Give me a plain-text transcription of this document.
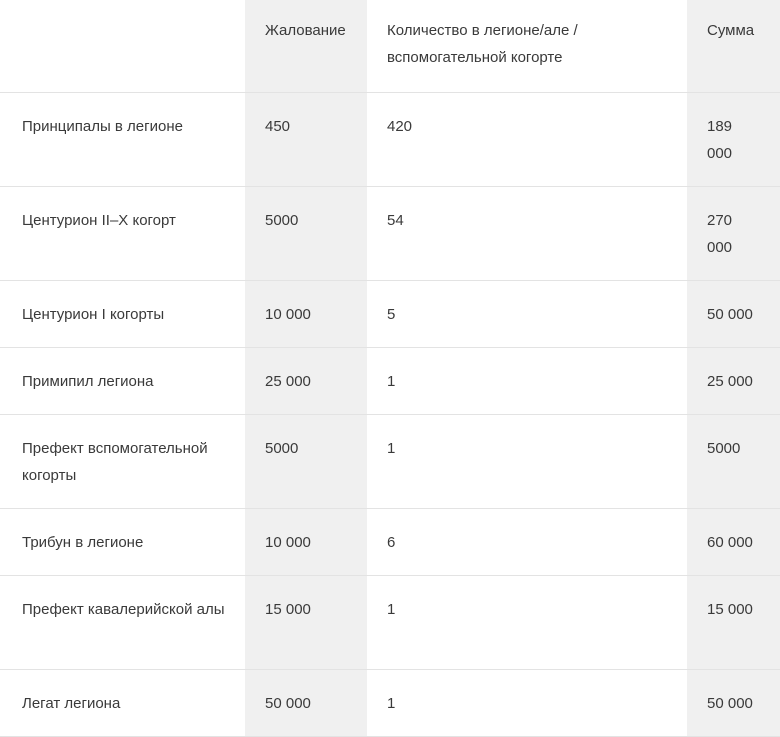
	Жалование	Количество в легионе/але /вспомогательной когорте	Сумма
Принципалы в легионе	450	420	189 000
Центурион II–X когорт	5000	54	270 000
Центурион I когорты	10 000	5	50 000
Примипил легиона	25 000	1	25 000
Префект вспомогательной когорты	5000	1	5000
Трибун в легионе	10 000	6	60 000
Префект кавалерийской алы	15 000	1	15 000
Легат легиона	50 000	1	50 000
